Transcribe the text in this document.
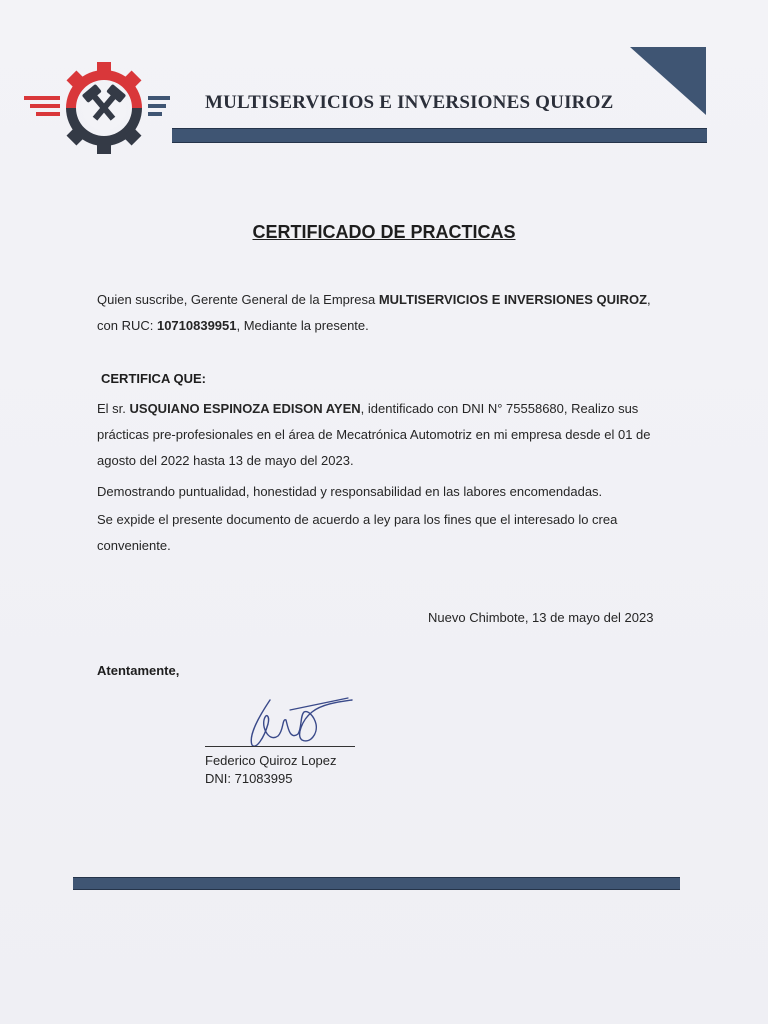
MULTISERVICIOS E INVERSIONES QUIROZ
CERTIFICADO DE PRACTICAS
Quien suscribe, Gerente General de la Empresa MULTISERVICIOS E INVERSIONES QUIROZ, con RUC: 10710839951, Mediante la presente.
CERTIFICA QUE:
El sr. USQUIANO ESPINOZA EDISON AYEN, identificado con DNI N° 75558680, Realizo sus prácticas pre-profesionales en el área de Mecatrónica Automotriz en mi empresa desde el 01 de agosto del 2022 hasta 13 de mayo del 2023.
Demostrando puntualidad, honestidad y responsabilidad en las labores encomendadas.
Se expide el presente documento de acuerdo a ley para los fines que el interesado lo crea conveniente.
Nuevo Chimbote, 13 de mayo del 2023
Atentamente,
Federico Quiroz Lopez
DNI: 71083995
